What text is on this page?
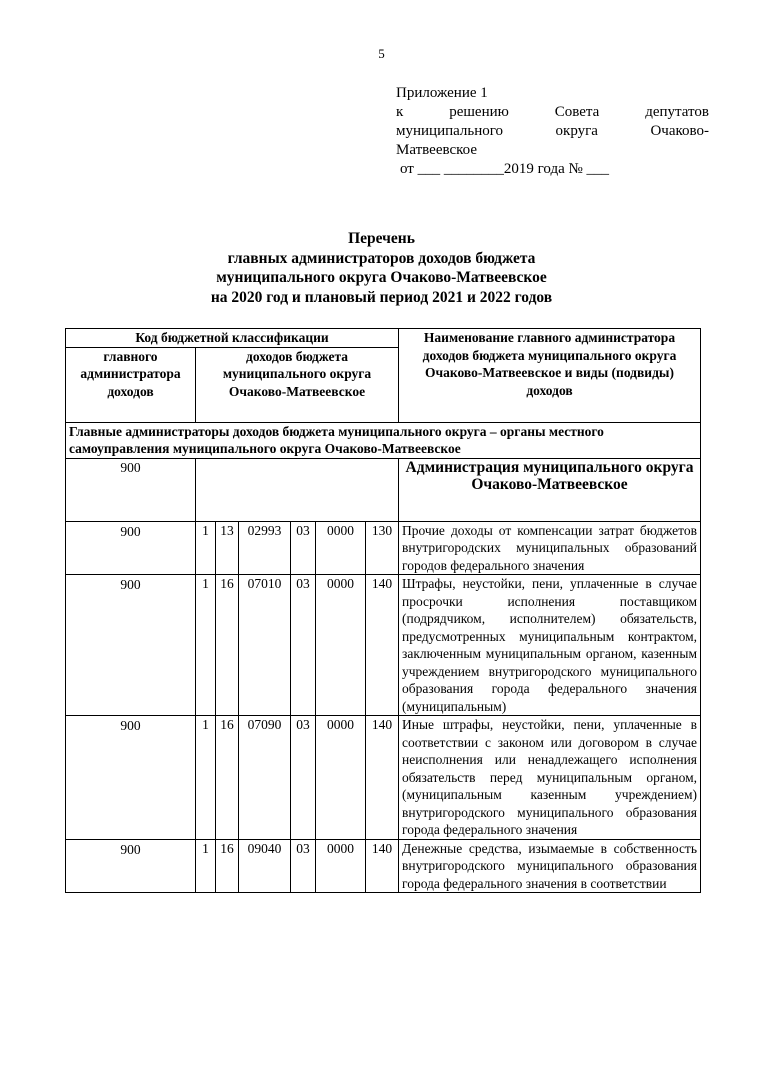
5
Приложение 1
к решению Совета депутатов
муниципального округа Очаково-
Матвеевское
от ___ ________2019 года № ___
Перечень
главных администраторов доходов бюджета
муниципального округа Очаково-Матвеевское
на 2020 год и плановый период 2021 и 2022 годов
Код бюджетной классификации							Наименование главного администратора доходов бюджета муниципального округа Очаково-Матвеевское и виды (подвиды) доходов
главного администратора доходов	доходов бюджета муниципального округа Очаково-Матвеевское						
Главные администраторы доходов бюджета муниципального округа – органы местного самоуправления муниципального округа Очаково-Матвеевское							
900							Администрация муниципального округа Очаково-Матвеевское
900	1	13	02993	03	0000	130	Прочие доходы от компенсации затрат бюджетов внутригородских муниципальных образований городов федерального значения
900	1	16	07010	03	0000	140	Штрафы, неустойки, пени, уплаченные в случае просрочки исполнения поставщиком (подрядчиком, исполнителем) обязательств, предусмотренных муниципальным контрактом, заключенным муниципальным органом, казенным учреждением внутригородского муниципального образования города федерального значения (муниципальным)
900	1	16	07090	03	0000	140	Иные штрафы, неустойки, пени, уплаченные в соответствии с законом или договором в случае неисполнения или ненадлежащего исполнения обязательств перед муниципальным органом, (муниципальным казенным учреждением) внутригородского муниципального образования города федерального значения
900	1	16	09040	03	0000	140	Денежные средства, изымаемые в собственность внутригородского муниципального образования города федерального значения в соответствии
